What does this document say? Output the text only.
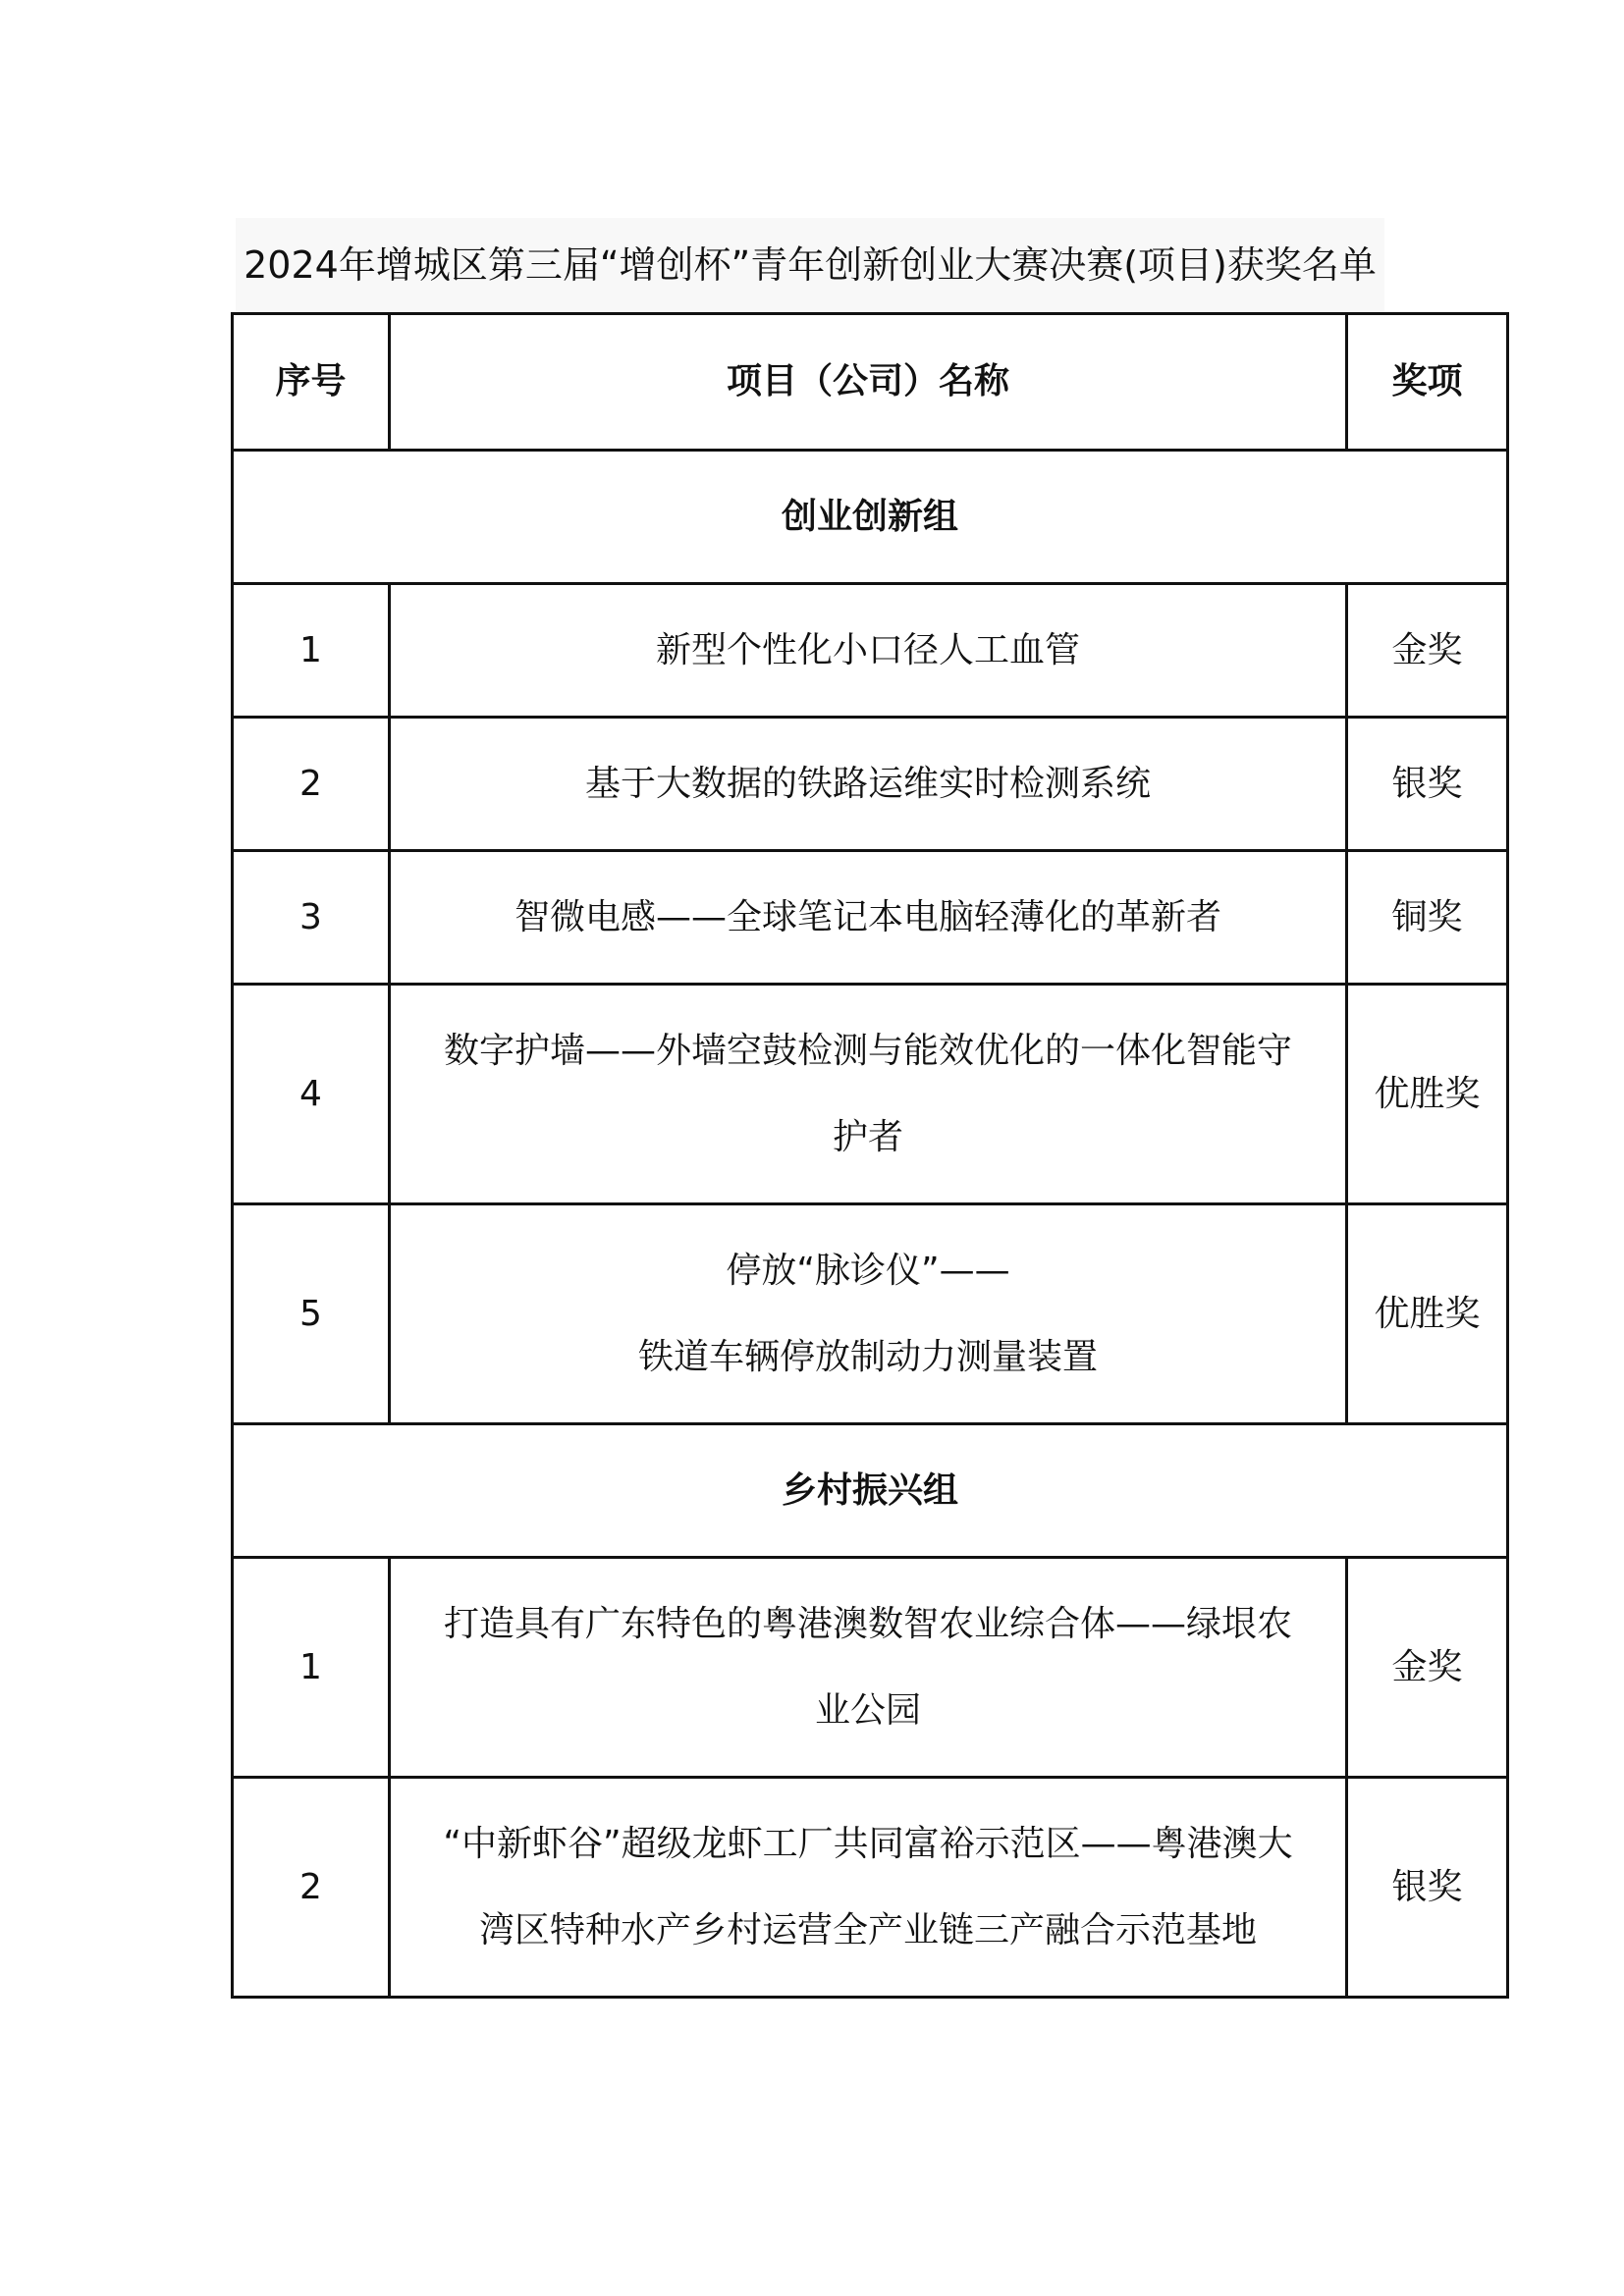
2024年增城区第三届“增创杯”青年创新创业大赛决赛(项目)获奖名单
序号	项目（公司）名称	奖项
创业创新组		
1	新型个性化小口径人工血管	金奖
2	基于大数据的铁路运维实时检测系统	银奖
3	智微电感——全球笔记本电脑轻薄化的革新者	铜奖
4	数字护墙——外墙空鼓检测与能效优化的一体化智能守
护者	优胜奖
5	停放“脉诊仪”——
铁道车辆停放制动力测量装置	优胜奖
乡村振兴组		
1	打造具有广东特色的粤港澳数智农业综合体——绿垠农
业公园	金奖
2	“中新虾谷”超级龙虾工厂共同富裕示范区——粤港澳大
湾区特种水产乡村运营全产业链三产融合示范基地	银奖
